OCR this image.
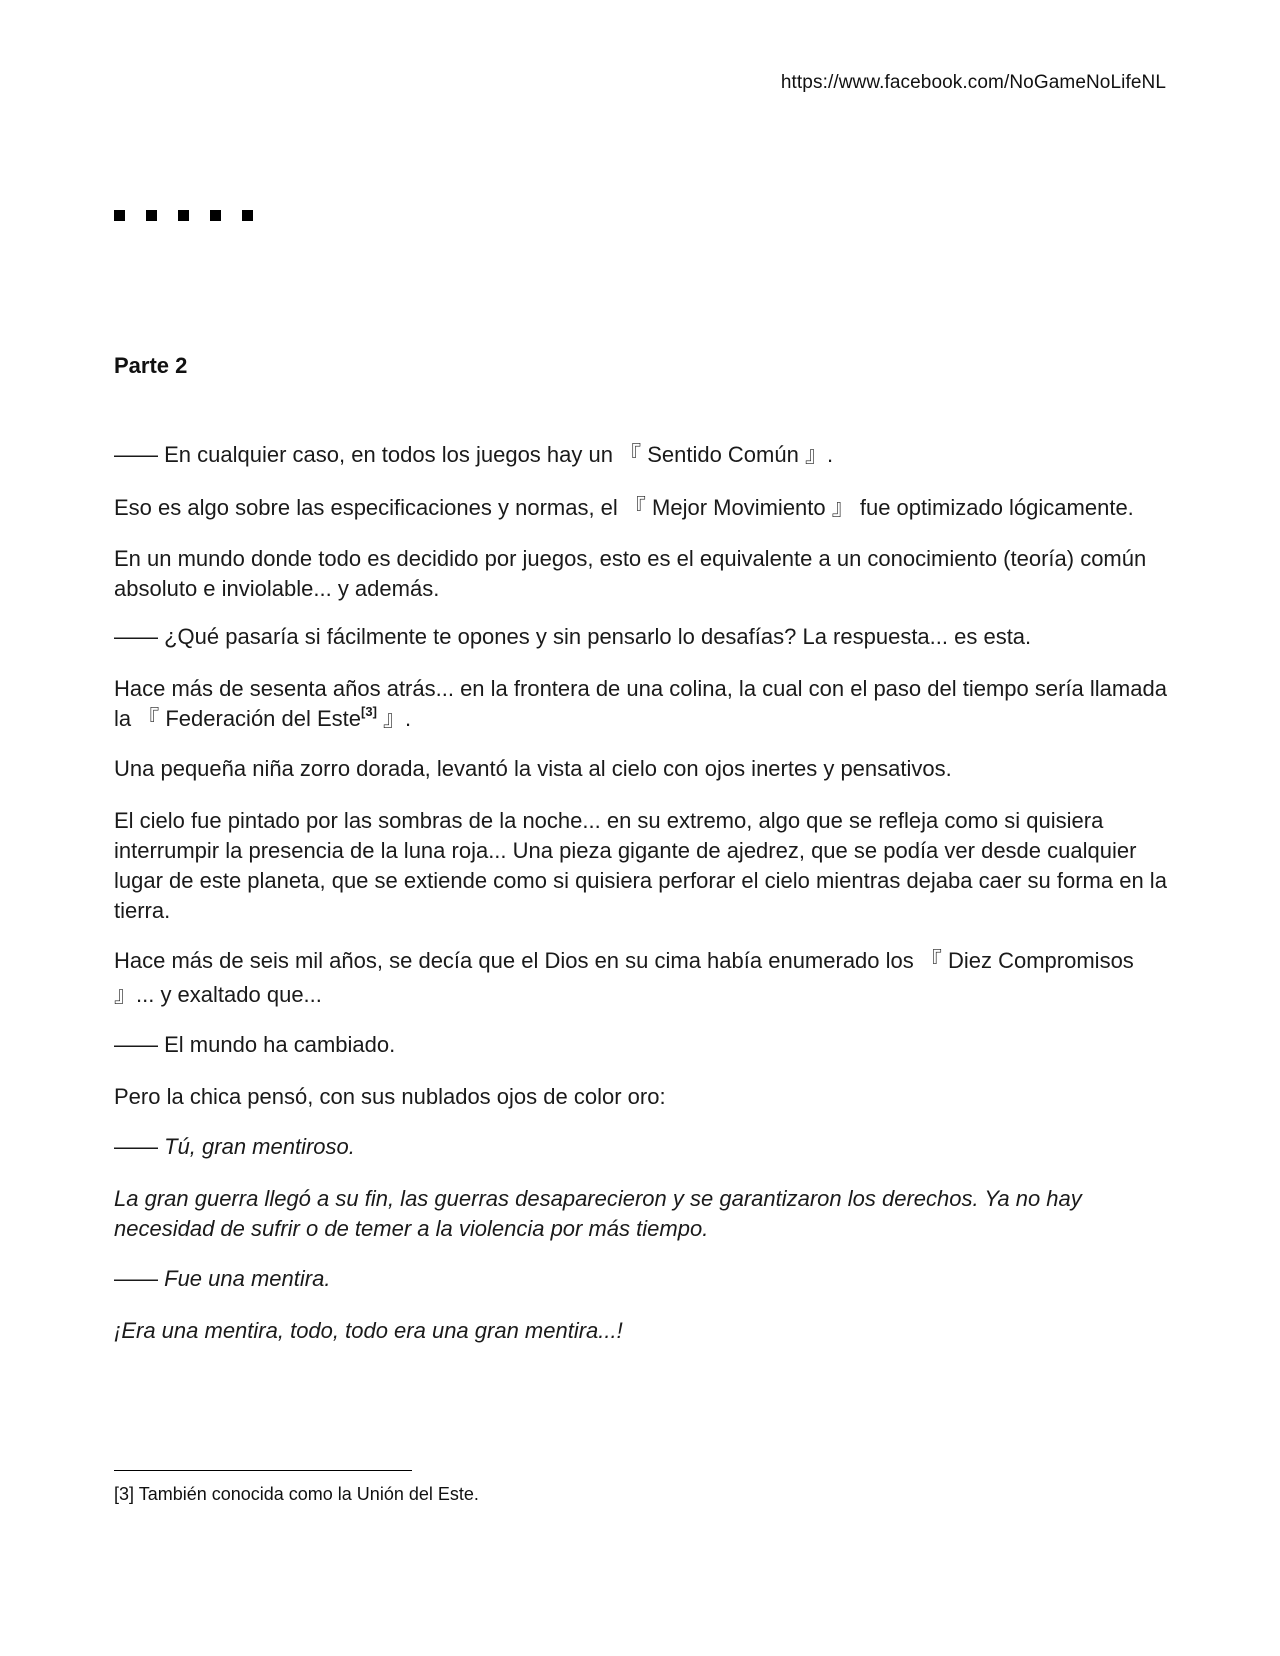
https://www.facebook.com/NoGameNoLifeNL
Parte 2

—— En cualquier caso, en todos los juegos hay un 『 Sentido Común 』.

Eso es algo sobre las especificaciones y normas, el 『 Mejor Movimiento 』 fue optimizado lógicamente.

En un mundo donde todo es decidido por juegos, esto es el equivalente a un conocimiento (teoría) común absoluto e inviolable... y además.

—— ¿Qué pasaría si fácilmente te opones y sin pensarlo lo desafías? La respuesta... es esta.

Hace más de sesenta años atrás... en la frontera de una colina, la cual con el paso del tiempo sería llamada la 『 Federación del Este[3] 』.

Una pequeña niña zorro dorada, levantó la vista al cielo con ojos inertes y pensativos.

El cielo fue pintado por las sombras de la noche... en su extremo, algo que se refleja como si quisiera interrumpir la presencia de la luna roja... Una pieza gigante de ajedrez, que se podía ver desde cualquier lugar de este planeta, que se extiende como si quisiera perforar el cielo mientras dejaba caer su forma en la tierra.

Hace más de seis mil años, se decía que el Dios en su cima había enumerado los 『 Diez Compromisos 』... y exaltado que...

—— El mundo ha cambiado.

Pero la chica pensó, con sus nublados ojos de color oro:

—— Tú, gran mentiroso.

La gran guerra llegó a su fin, las guerras desaparecieron y se garantizaron los derechos. Ya no hay necesidad de sufrir o de temer a la violencia por más tiempo.

—— Fue una mentira.

¡Era una mentira, todo, todo era una gran mentira...!

[3] También conocida como la Unión del Este.
